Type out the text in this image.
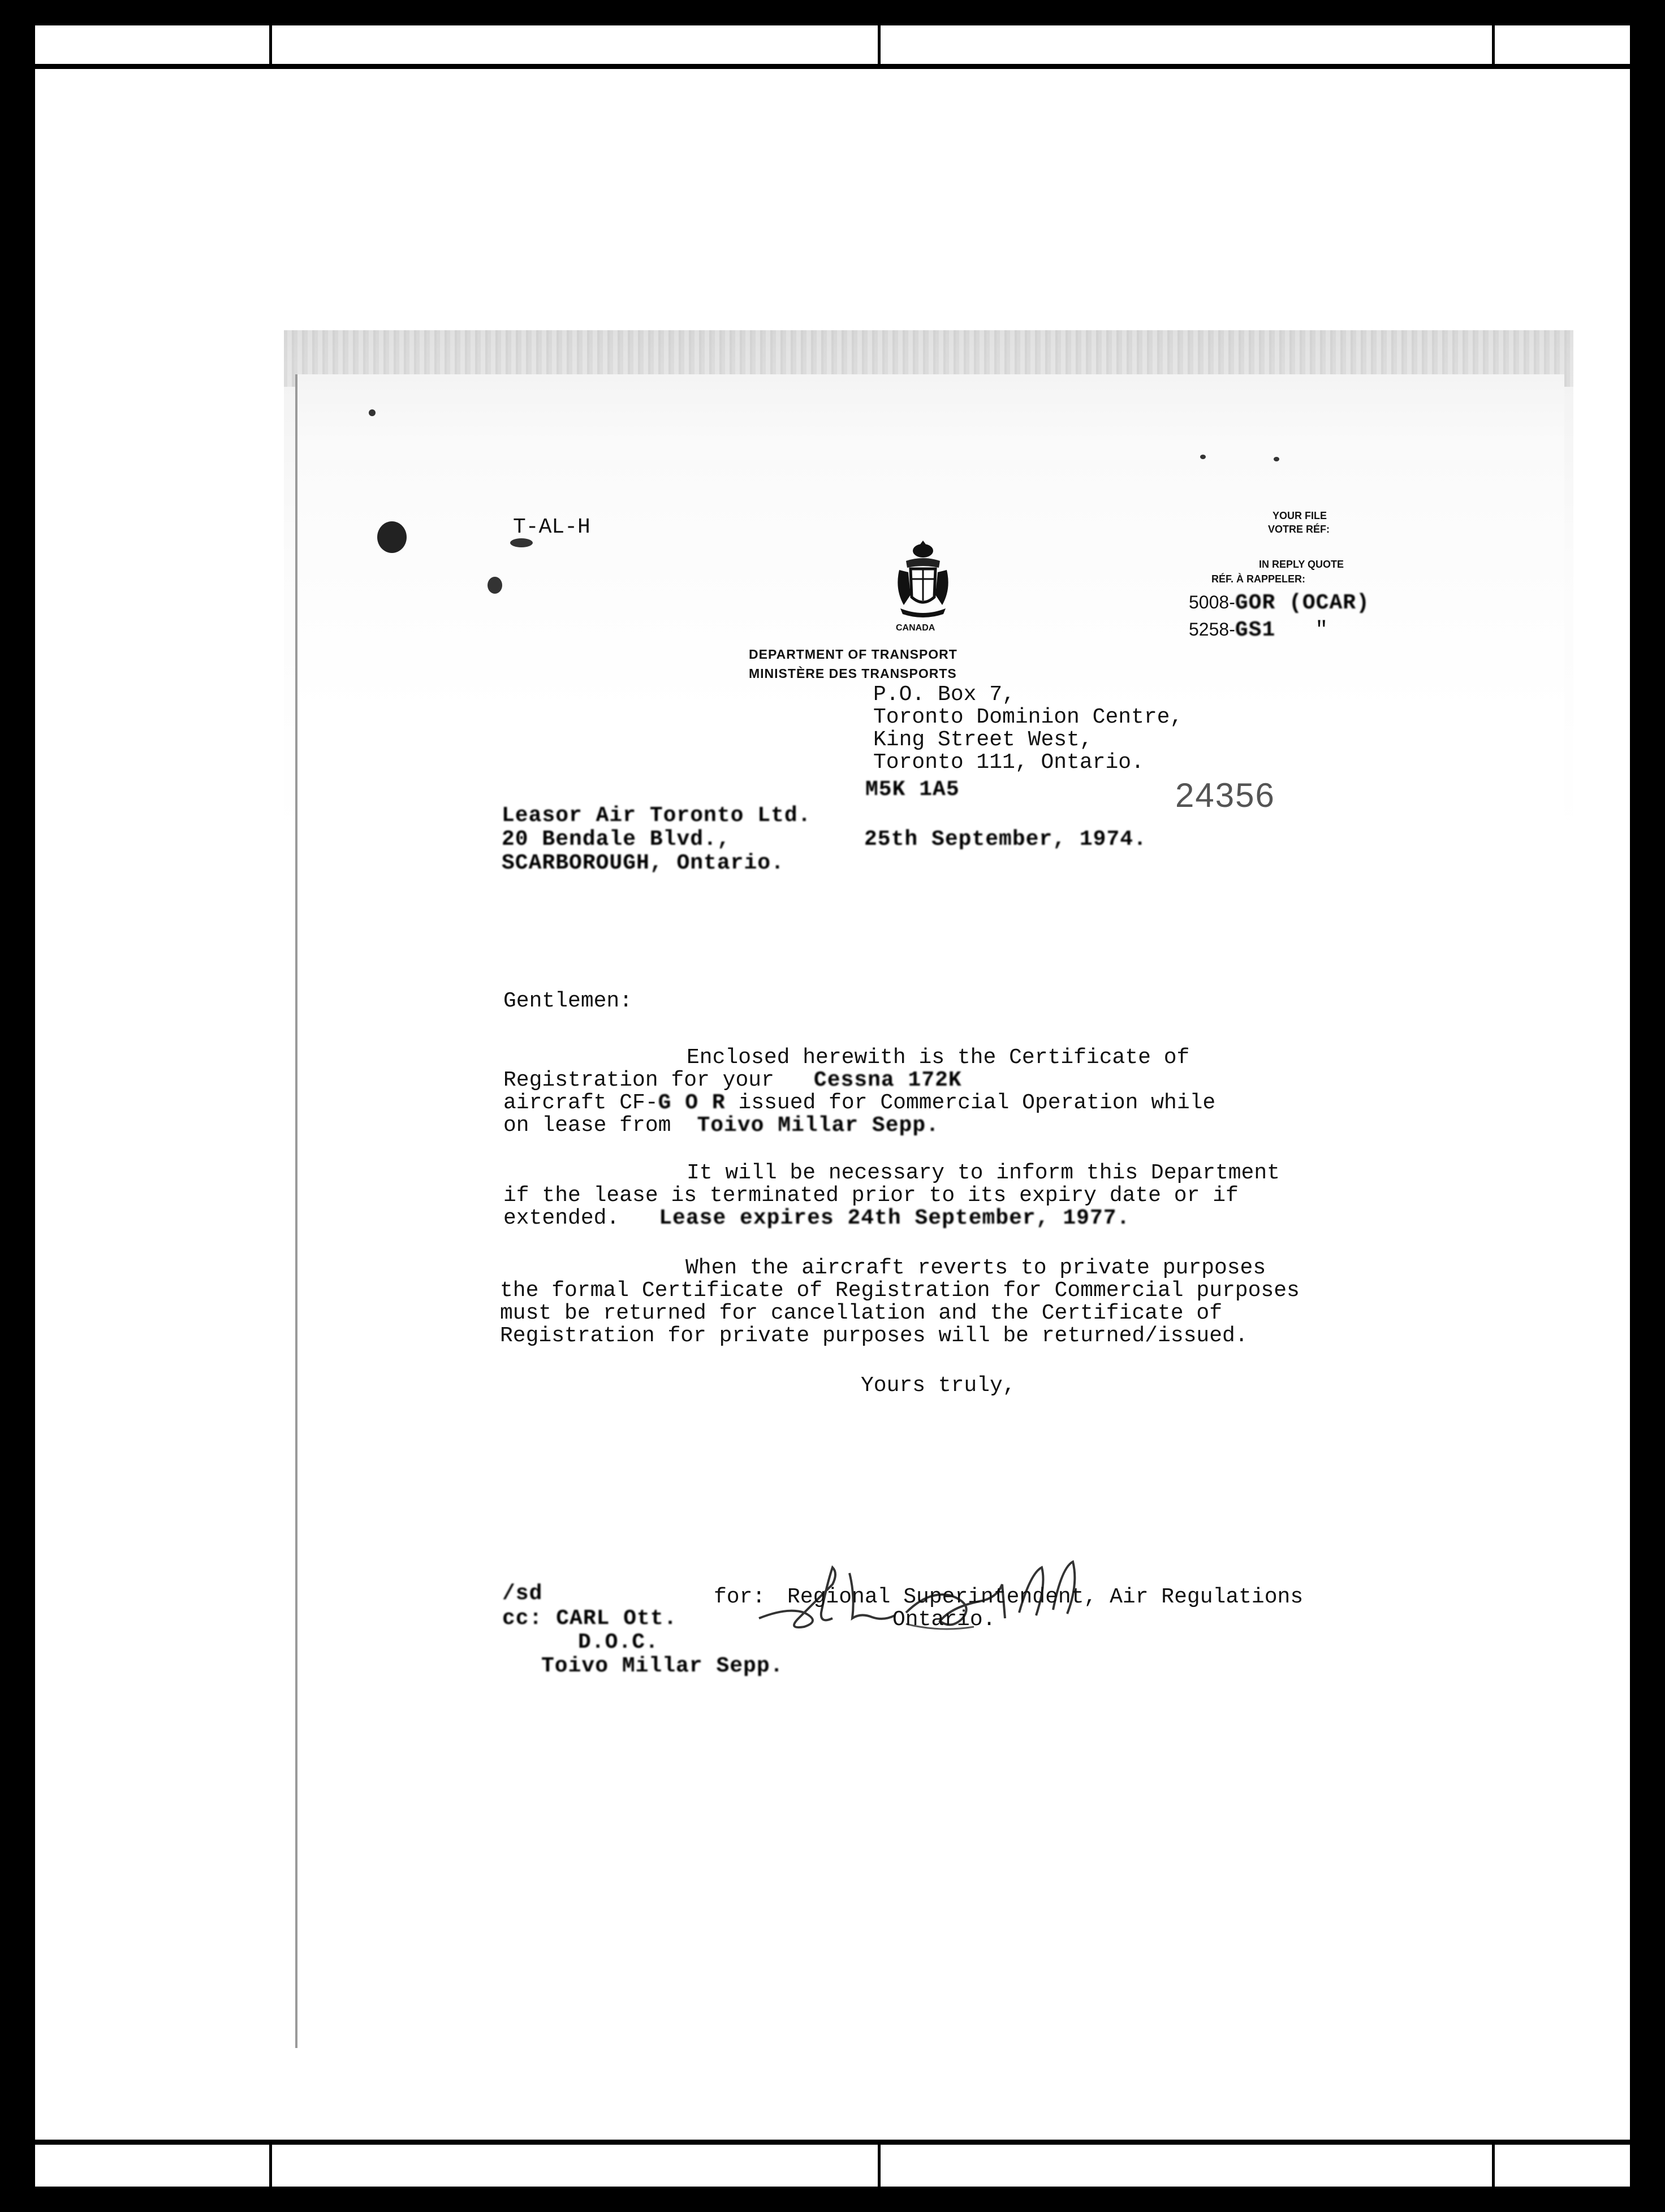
T-AL-H
CANADA
DEPARTMENT OF TRANSPORT
MINISTÈRE DES TRANSPORTS
YOUR FILE
VOTRE RÉF:
IN REPLY QUOTE
RÉF. À RAPPELER:
5008-GOR (OCAR)
5258-GS1 "
P.O. Box 7,
Toronto Dominion Centre,
King Street West,
Toronto 111, Ontario.
M5K 1A5	24356
Leasor Air Toronto Ltd.
20 Bendale Blvd.,
SCARBOROUGH, Ontario.
25th September, 1974.
Gentlemen:
Enclosed herewith is the Certificate of
Registration for your Cessna 172K
aircraft CF-G O R issued for Commercial Operation while
on lease from Toivo Millar Sepp.
It will be necessary to inform this Department
if the lease is terminated prior to its expiry date or if
extended. Lease expires 24th September, 1977.
When the aircraft reverts to private purposes
the formal Certificate of Registration for Commercial purposes
must be returned for cancellation and the Certificate of
Registration for private purposes will be returned/issued.
Yours truly,
for: Regional Superintendent, Air Regulations
Ontario.
/sd
cc: CARL Ott.
D.O.C.
Toivo Millar Sepp.
